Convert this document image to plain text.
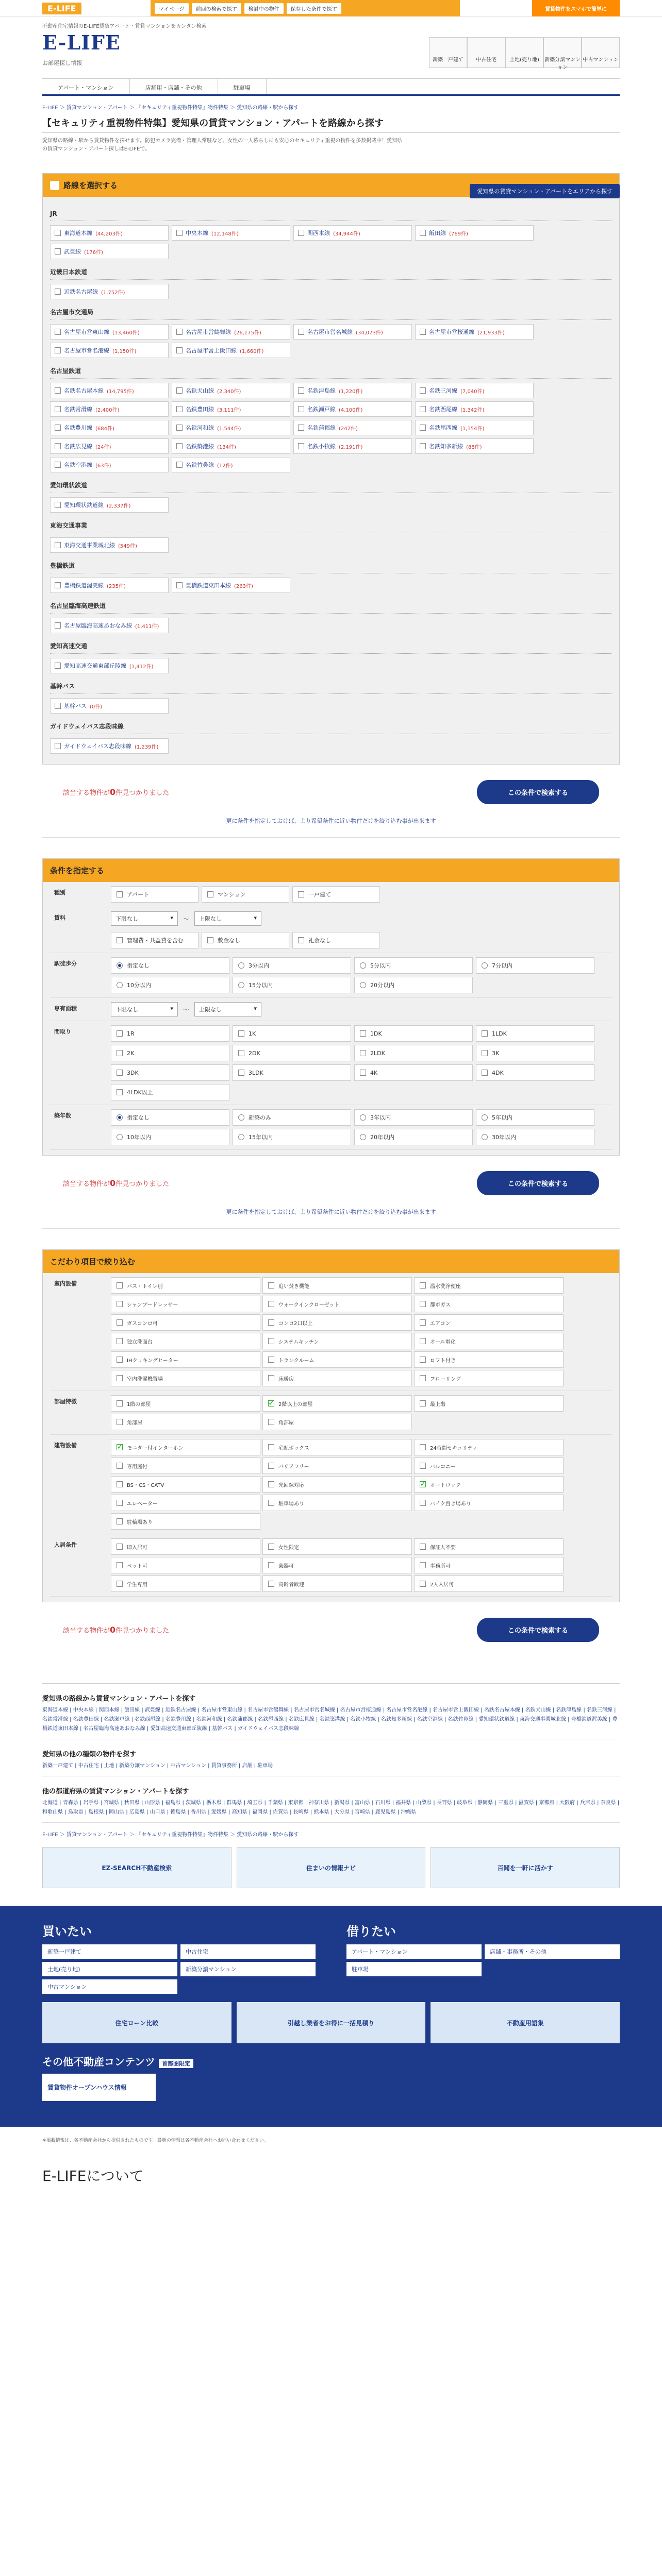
E-LIFE	マイページ	前回の検索で探す	検討中の物件	保存した条件で探す	賃貸物件をスマホで簡単に
不動産住宅情報のE-LIFE賃貸アパート・賃貸マンションをカンタン検索
E-LIFE
お部屋探し情報	新築一戸建て	中古住宅	土地(売り地)	新築分譲マンション
中古マンション
アパート・マンション	店舗用・店舗・その他	駐車場
E-LIFE ＞ 賃貸マンション・アパート ＞ 『セキュリティ重視物件特集』物件特集 ＞ 愛知県の路線・駅から探す
【セキュリティ重視物件特集】愛知県の賃貸マンション・アパートを路線から探す
愛知県の路線・駅から賃貸物件を探せます。防犯カメラ完備・管理人常駐など、女性の一人暮らしにも安心のセキュリティ重視の物件を多数掲載中！愛知県の賃貸マンション・アパート探しはE-LIFEで。
愛知県の賃貸マンション・アパートをエリアから探す
路線を選択する
JR
東海道本線 (44,203件)	中央本線 (12,148件)	関西本線 (34,944件)	飯田線 (769件)
武豊線 (176件)
近畿日本鉄道
近鉄名古屋線 (1,752件)
名古屋市交通局
名古屋市営東山線 (13,460件)	名古屋市営鶴舞線 (26,175件)	名古屋市営名城線 (34,073件)	名古屋市営桜通線 (21,933件)
名古屋市営名港線 (1,150件)	名古屋市営上飯田線 (1,660件)
名古屋鉄道
名鉄名古屋本線 (14,795件)	名鉄犬山線 (2,340件)	名鉄津島線 (1,220件)	名鉄三河線 (7,040件)
名鉄常滑線 (2,400件)	名鉄豊田線 (3,111件)	名鉄瀬戸線 (4,100件)	名鉄西尾線 (1,342件)
名鉄豊川線 (684件)	名鉄河和線 (1,544件)	名鉄蒲郡線 (242件)	名鉄尾西線 (1,154件)
名鉄広見線 (24件)	名鉄築港線 (134件)	名鉄小牧線 (2,191件)	名鉄知多新線 (88件)
名鉄空港線 (63件)	名鉄竹鼻線 (12件)
愛知環状鉄道
愛知環状鉄道線 (2,337件)
東海交通事業
東海交通事業城北線 (549件)
豊橋鉄道
豊橋鉄道渥美線 (235件)	豊橋鉄道東田本線 (263件)
名古屋臨海高速鉄道
名古屋臨海高速あおなみ線 (1,411件)
愛知高速交通
愛知高速交通東部丘陵線 (1,412件)
基幹バス
基幹バス (0件)
ガイドウェイバス志段味線
ガイドウェイバス志段味線 (1,239件)
該当する物件が0件見つかりました	この条件で検索する
更に条件を指定しておけば、より希望条件に近い物件だけを絞り込む事が出来ます
条件を指定する
種別	アパート	マンション	一戸建て
賃料	下限なし	▾	〜	上限なし	▾
管理費・共益費を含む	敷金なし	礼金なし
駅徒歩分	指定なし	3分以内	5分以内	7分以内
10分以内	15分以内	20分以内
専有面積	下限なし	▾	〜	上限なし	▾
間取り	1R	1K	1DK	1LDK
2K	2DK	2LDK	3K
3DK	3LDK	4K	4DK
4LDK以上
築年数	指定なし	新築のみ	3年以内	5年以内
10年以内	15年以内	20年以内	30年以内
該当する物件が0件見つかりました	この条件で検索する
更に条件を指定しておけば、より希望条件に近い物件だけを絞り込む事が出来ます
こだわり項目で絞り込む
室内設備	バス・トイレ別	追い焚き機能	温水洗浄便座
シャンプードレッサー	ウォークインクローゼット	都市ガス
ガスコンロ可	コンロ2口以上	エアコン
独立洗面台	システムキッチン	オール電化
IHクッキングヒーター	トランクルーム	ロフト付き
室内洗濯機置場	床暖房	フローリング
部屋特徴	1階の部屋 ✓	2階以上の部屋	最上階
角部屋	角部屋
建物設備 ✓	モニター付インターホン	宅配ボックス	24時間セキュリティ
専用庭付	バリアフリー	バルコニー
BS・CS・CATV	光回線対応 ✓	オートロック
エレベーター	駐車場あり	バイク置き場あり
駐輪場あり
入居条件	即入居可	女性限定	保証人不要
ペット可	楽器可	事務所可
学生専用	高齢者歓迎	2人入居可
該当する物件が0件見つかりました	この条件で検索する
愛知県の路線から賃貸マンション・アパートを探す
東海道本線 | 中央本線 | 関西本線 | 飯田線 | 武豊線 | 近鉄名古屋線 | 名古屋市営東山線 | 名古屋市営鶴舞線 | 名古屋市営名城線 | 名古屋市営桜通線 | 名古屋市営名港線 | 名古屋市営上飯田線 | 名鉄名古屋本線 | 名鉄犬山線 | 名鉄津島線 | 名鉄三河線 | 名鉄常滑線 | 名鉄豊田線 | 名鉄瀬戸線 | 名鉄西尾線 | 名鉄豊川線 | 名鉄河和線 | 名鉄蒲郡線 | 名鉄尾西線 | 名鉄広見線 | 名鉄築港線 | 名鉄小牧線 | 名鉄知多新線 | 名鉄空港線 | 名鉄竹鼻線 | 愛知環状鉄道線 | 東海交通事業城北線 | 豊橋鉄道渥美線 | 豊橋鉄道東田本線 | 名古屋臨海高速あおなみ線 | 愛知高速交通東部丘陵線 | 基幹バス | ガイドウェイバス志段味線
愛知県の他の種類の物件を探す
新築一戸建て | 中古住宅 | 土地 | 新築分譲マンション | 中古マンション | 賃貸事務所 | 店舗 | 駐車場
他の都道府県の賃貸マンション・アパートを探す
北海道 | 青森県 | 岩手県 | 宮城県 | 秋田県 | 山形県 | 福島県 | 茨城県 | 栃木県 | 群馬県 | 埼玉県 | 千葉県 | 東京都 | 神奈川県 | 新潟県 | 富山県 | 石川県 | 福井県 | 山梨県 | 長野県 | 岐阜県 | 静岡県 | 三重県 | 滋賀県 | 京都府 | 大阪府 | 兵庫県 | 奈良県 | 和歌山県 | 鳥取県 | 島根県 | 岡山県 | 広島県 | 山口県 | 徳島県 | 香川県 | 愛媛県 | 高知県 | 福岡県 | 佐賀県 | 長崎県 | 熊本県 | 大分県 | 宮崎県 | 鹿児島県 | 沖縄県
E-LIFE ＞ 賃貸マンション・アパート ＞ 『セキュリティ重視物件特集』物件特集 ＞ 愛知県の路線・駅から探す
EZ-SEARCH不動産検索	住まいの情報ナビ	百聞を一軒に活かす
買いたい
新築一戸建て	中古住宅
土地(売り地)	新築分譲マンション
中古マンション
借りたい
アパート・マンション	店舗・事務所・その他
駐車場
住宅ローン比較	引越し業者をお得に一括見積り	不動産用語集
その他不動産コンテンツ 首都圏限定
賃貸物件オープンハウス情報
※掲載情報は、各不動産会社から提供されたものです。最新の情報は各不動産会社へお問い合わせください。
E-LIFEについて
